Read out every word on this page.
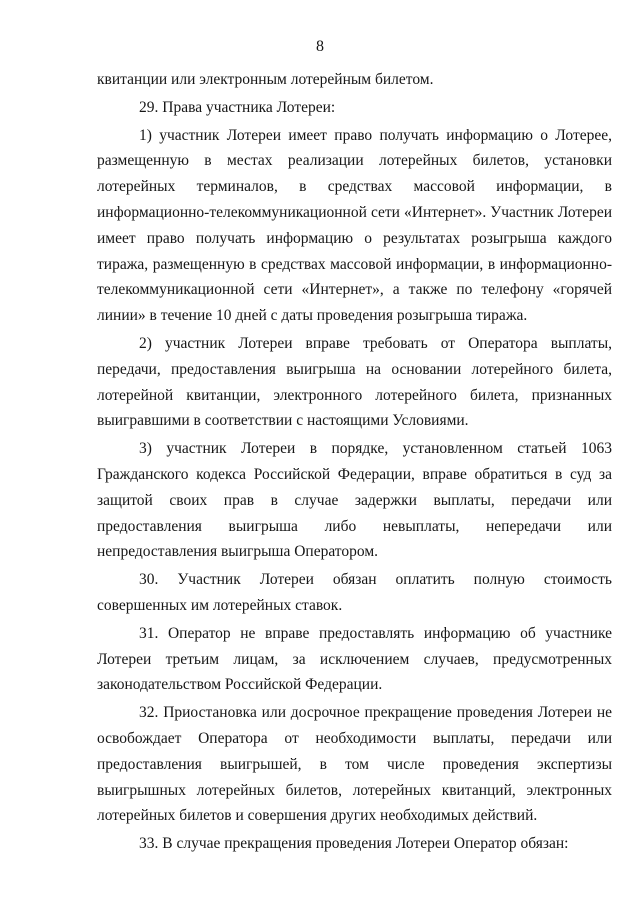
8

квитанции или электронным лотерейным билетом.

29. Права участника Лотереи:

1) участник Лотереи имеет право получать информацию о Лотерее, размещенную в местах реализации лотерейных билетов, установки лотерейных терминалов, в средствах массовой информации, в информационно-телекоммуникационной сети «Интернет». Участник Лотереи имеет право получать информацию о результатах розыгрыша каждого тиража, размещенную в средствах массовой информации, в информационно-телекоммуникационной сети «Интернет», а также по телефону «горячей линии» в течение 10 дней с даты проведения розыгрыша тиража.

2) участник Лотереи вправе требовать от Оператора выплаты, передачи, предоставления выигрыша на основании лотерейного билета, лотерейной квитанции, электронного лотерейного билета, признанных выигравшими в соответствии с настоящими Условиями.

3) участник Лотереи в порядке, установленном статьей 1063 Гражданского кодекса Российской Федерации, вправе обратиться в суд за защитой своих прав в случае задержки выплаты, передачи или предоставления выигрыша либо невыплаты, непередачи или непредоставления выигрыша Оператором.

30. Участник Лотереи обязан оплатить полную стоимость совершенных им лотерейных ставок.

31. Оператор не вправе предоставлять информацию об участнике Лотереи третьим лицам, за исключением случаев, предусмотренных законодательством Российской Федерации.

32. Приостановка или досрочное прекращение проведения Лотереи не освобождает Оператора от необходимости выплаты, передачи или предоставления выигрышей, в том числе проведения экспертизы выигрышных лотерейных билетов, лотерейных квитанций, электронных лотерейных билетов и совершения других необходимых действий.

33. В случае прекращения проведения Лотереи Оператор обязан:
